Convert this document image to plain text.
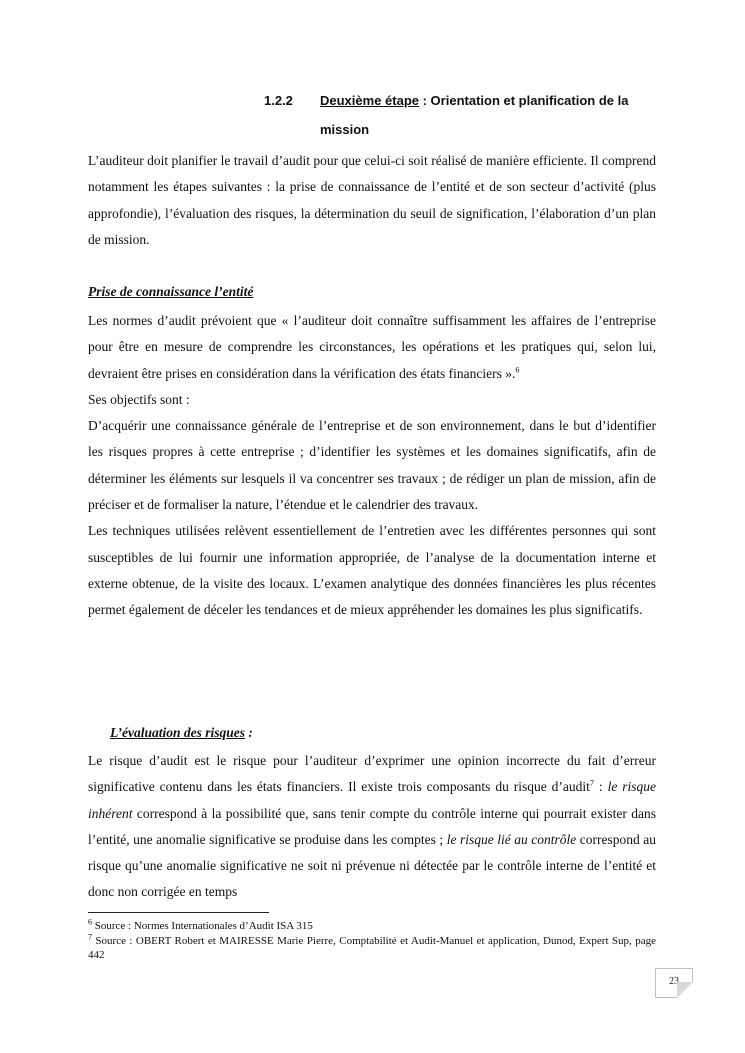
1.2.2 Deuxième étape : Orientation et planification de la mission

L’auditeur doit planifier le travail d’audit pour que celui-ci soit réalisé de manière efficiente. Il comprend notamment les étapes suivantes : la prise de connaissance de l’entité et de son secteur d’activité (plus approfondie), l’évaluation des risques, la détermination du seuil de signification, l’élaboration d’un plan de mission.

Prise de connaissance l’entité

Les normes d’audit prévoient que « l’auditeur doit connaître suffisamment les affaires de l’entreprise pour être en mesure de comprendre les circonstances, les opérations et les pratiques qui, selon lui, devraient être prises en considération dans la vérification des états financiers ».$^6$

Ses objectifs sont :

D’acquérir une connaissance générale de l’entreprise et de son environnement, dans le but d’identifier les risques propres à cette entreprise ; d’identifier les systèmes et les domaines significatifs, afin de déterminer les éléments sur lesquels il va concentrer ses travaux ; de rédiger un plan de mission, afin de préciser et de formaliser la nature, l’étendue et le calendrier des travaux.

Les techniques utilisées relèvent essentiellement de l’entretien avec les différentes personnes qui sont susceptibles de lui fournir une information appropriée, de l’analyse de la documentation interne et externe obtenue, de la visite des locaux. L’examen analytique des données financières les plus récentes permet également de déceler les tendances et de mieux appréhender les domaines les plus significatifs.

L’évaluation des risques :

Le risque d’audit est le risque pour l’auditeur d’exprimer une opinion incorrecte du fait d’erreur significative contenu dans les états financiers. Il existe trois composants du risque d’audit$^7$ : le risque inhérent correspond à la possibilité que, sans tenir compte du contrôle interne qui pourrait exister dans l’entité, une anomalie significative se produise dans les comptes ; le risque lié au contrôle correspond au risque qu’une anomalie significative ne soit ni prévenue ni détectée par le contrôle interne de l’entité et donc non corrigée en temps

$^6$ Source : Normes Internationales d’Audit ISA 315

$^7$ Source : OBERT Robert et MAIRESSE Marie Pierre, Comptabilité et Audit-Manuel et application, Dunod, Expert Sup, page 442

23
